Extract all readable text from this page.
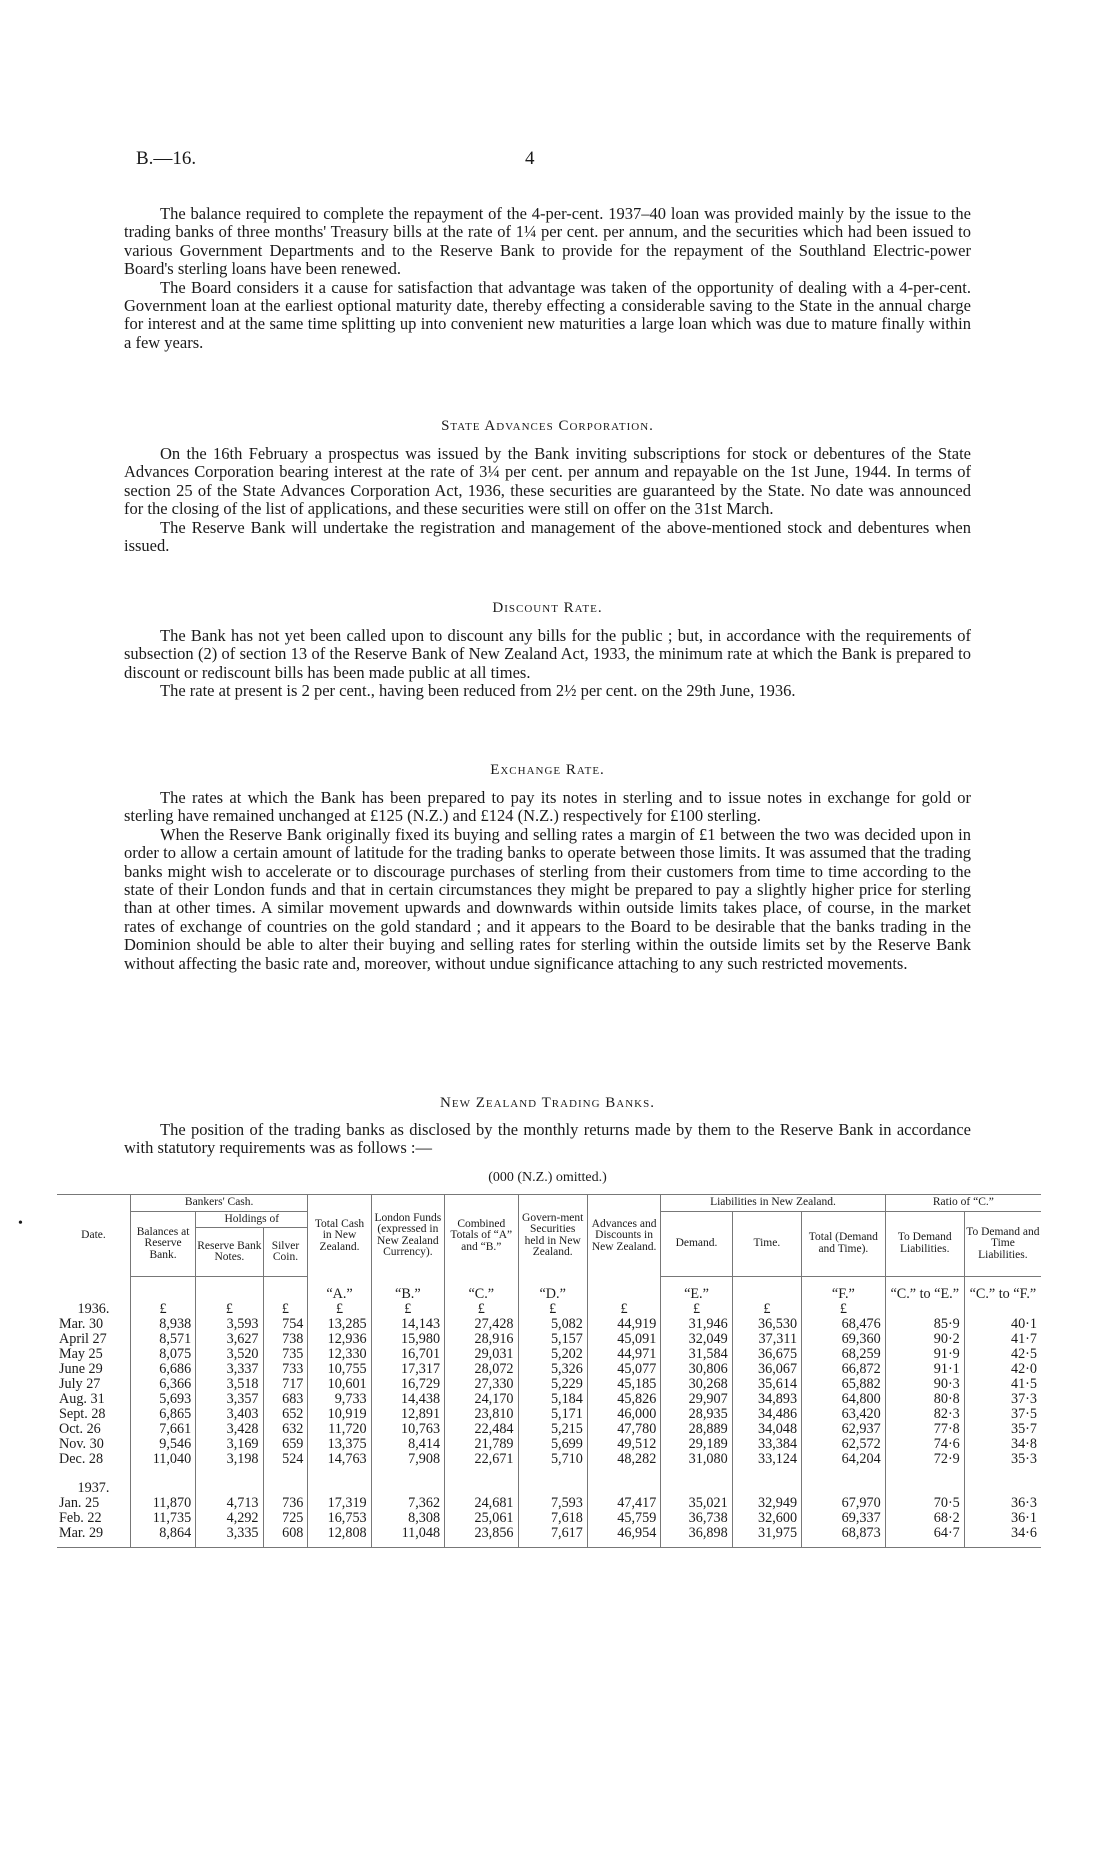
B.—16.	4

The balance required to complete the repayment of the 4-per-cent. 1937–40 loan was provided mainly by the issue to the trading banks of three months' Treasury bills at the rate of 1¼ per cent. per annum, and the securities which had been issued to various Government Departments and to the Reserve Bank to provide for the repayment of the Southland Electric-power Board's sterling loans have been renewed.

The Board considers it a cause for satisfaction that advantage was taken of the opportunity of dealing with a 4-per-cent. Government loan at the earliest optional maturity date, thereby effecting a considerable saving to the State in the annual charge for interest and at the same time splitting up into convenient new maturities a large loan which was due to mature finally within a few years.

State Advances Corporation.

On the 16th February a prospectus was issued by the Bank inviting subscriptions for stock or debentures of the State Advances Corporation bearing interest at the rate of 3¼ per cent. per annum and repayable on the 1st June, 1944. In terms of section 25 of the State Advances Corporation Act, 1936, these securities are guaranteed by the State. No date was announced for the closing of the list of applications, and these securities were still on offer on the 31st March.

The Reserve Bank will undertake the registration and management of the above-mentioned stock and debentures when issued.

Discount Rate.

The Bank has not yet been called upon to discount any bills for the public ; but, in accordance with the requirements of subsection (2) of section 13 of the Reserve Bank of New Zealand Act, 1933, the minimum rate at which the Bank is prepared to discount or rediscount bills has been made public at all times.

The rate at present is 2 per cent., having been reduced from 2½ per cent. on the 29th June, 1936.

Exchange Rate.

The rates at which the Bank has been prepared to pay its notes in sterling and to issue notes in exchange for gold or sterling have remained unchanged at £125 (N.Z.) and £124 (N.Z.) respectively for £100 sterling.

When the Reserve Bank originally fixed its buying and selling rates a margin of £1 between the two was decided upon in order to allow a certain amount of latitude for the trading banks to operate between those limits. It was assumed that the trading banks might wish to accelerate or to discourage purchases of sterling from their customers from time to time according to the state of their London funds and that in certain circumstances they might be prepared to pay a slightly higher price for sterling than at other times. A similar movement upwards and downwards within outside limits takes place, of course, in the market rates of exchange of countries on the gold standard ; and it appears to the Board to be desirable that the banks trading in the Dominion should be able to alter their buying and selling rates for sterling within the outside limits set by the Reserve Bank without affecting the basic rate and, moreover, without undue significance attaching to any such restricted movements.

New Zealand Trading Banks.

The position of the trading banks as disclosed by the monthly returns made by them to the Reserve Bank in accordance with statutory requirements was as follows :—

(000 (N.Z.) omitted.)
•
Date.	Bankers' Cash.			Total Cash in New Zealand.	London Funds (expressed in New Zealand Currency).	Combined Totals of “A” and “B.”	Govern-ment Securities held in New Zealand.	Advances and Discounts in New Zealand.	Liabilities in New Zealand.			Ratio of “C.”	
	Balances at Reserve Bank.	Holdings of							Demand.	Time.	Total (Demand and Time).	To Demand Liabilities.	To Demand and Time Liabilities.
		Reserve Bank Notes.	Silver Coin.										
				“A.”	“B.”	“C.”	“D.”		“E.”		“F.”	“C.” to “E.”	“C.” to “F.”
1936.	£	£	£	£	£	£	£	£	£	£	£		
Mar. 30	8,938	3,593	754	13,285	14,143	27,428	5,082	44,919	31,946	36,530	68,476	85·9	40·1
April 27	8,571	3,627	738	12,936	15,980	28,916	5,157	45,091	32,049	37,311	69,360	90·2	41·7
May 25	8,075	3,520	735	12,330	16,701	29,031	5,202	44,971	31,584	36,675	68,259	91·9	42·5
June 29	6,686	3,337	733	10,755	17,317	28,072	5,326	45,077	30,806	36,067	66,872	91·1	42·0
July 27	6,366	3,518	717	10,601	16,729	27,330	5,229	45,185	30,268	35,614	65,882	90·3	41·5
Aug. 31	5,693	3,357	683	9,733	14,438	24,170	5,184	45,826	29,907	34,893	64,800	80·8	37·3
Sept. 28	6,865	3,403	652	10,919	12,891	23,810	5,171	46,000	28,935	34,486	63,420	82·3	37·5
Oct. 26	7,661	3,428	632	11,720	10,763	22,484	5,215	47,780	28,889	34,048	62,937	77·8	35·7
Nov. 30	9,546	3,169	659	13,375	8,414	21,789	5,699	49,512	29,189	33,384	62,572	74·6	34·8
Dec. 28	11,040	3,198	524	14,763	7,908	22,671	5,710	48,282	31,080	33,124	64,204	72·9	35·3

1937.													
Jan. 25	11,870	4,713	736	17,319	7,362	24,681	7,593	47,417	35,021	32,949	67,970	70·5	36·3
Feb. 22	11,735	4,292	725	16,753	8,308	25,061	7,618	45,759	36,738	32,600	69,337	68·2	36·1
Mar. 29	8,864	3,335	608	12,808	11,048	23,856	7,617	46,954	36,898	31,975	68,873	64·7	34·6
